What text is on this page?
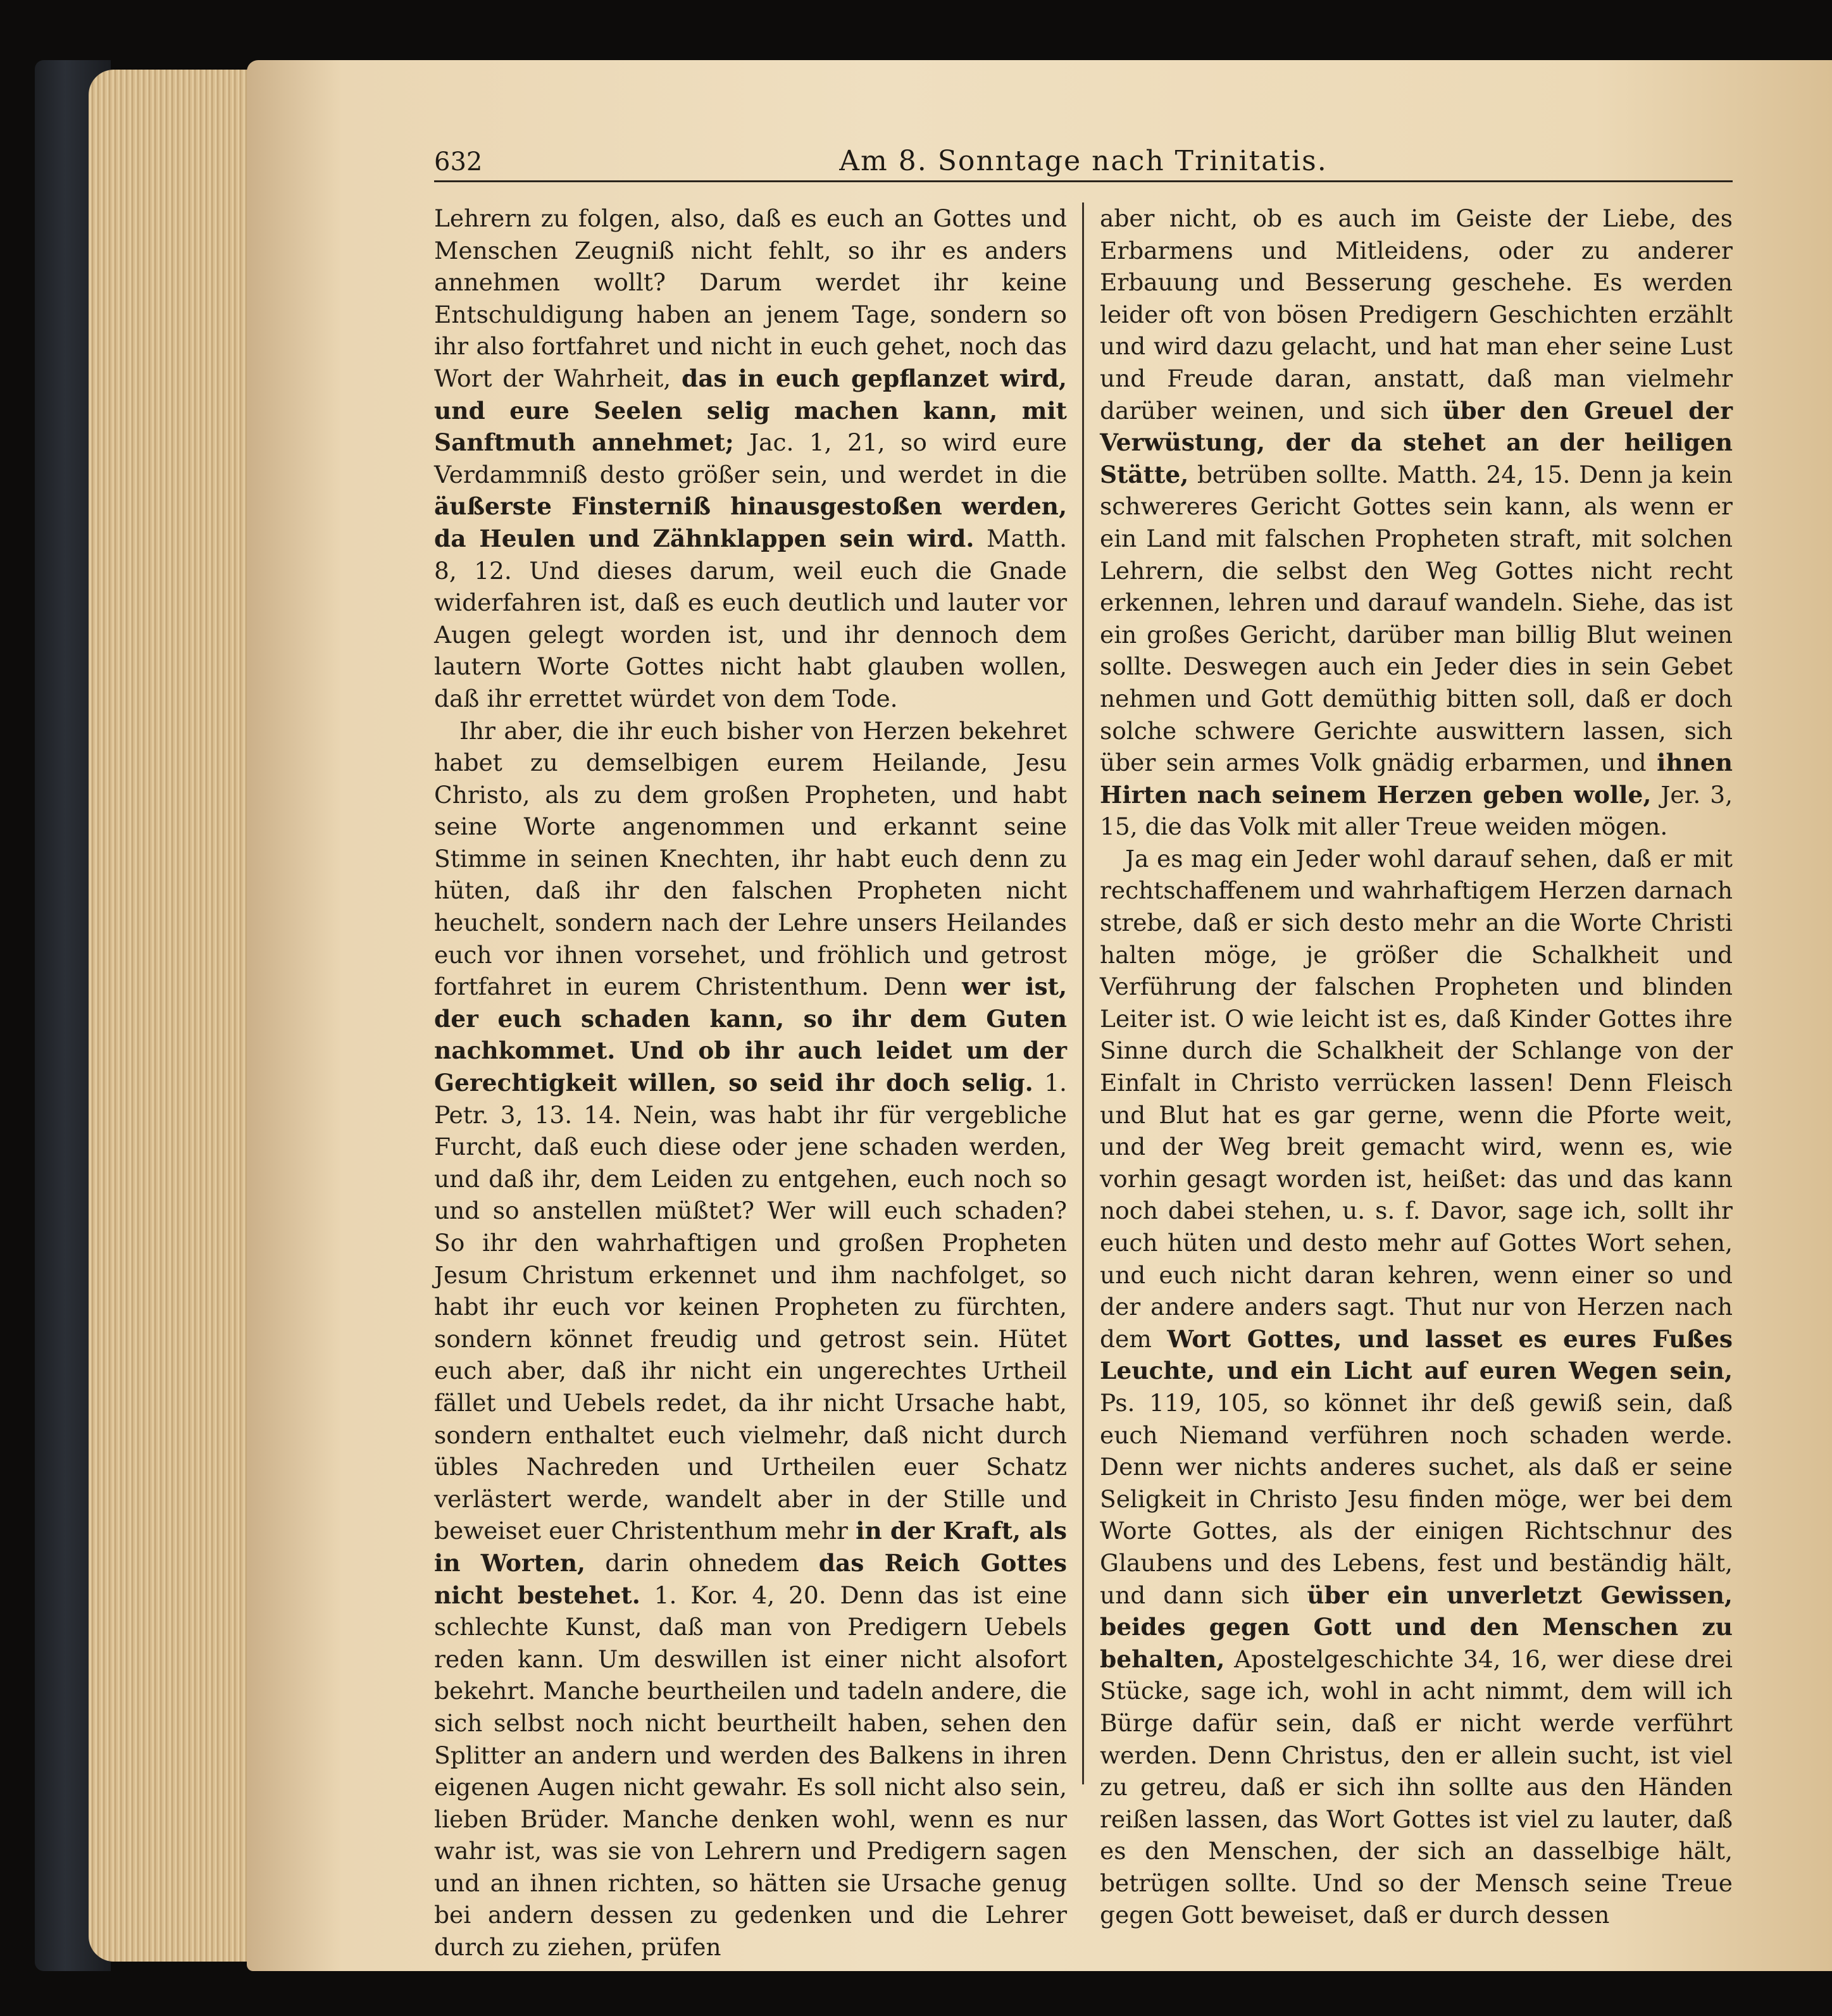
632	Am 8. Sonntage nach Trinitatis.

Lehrern zu folgen, also, daß es euch an Gottes und Menschen Zeugniß nicht fehlt, so ihr es anders annehmen wollt? Darum werdet ihr keine Entschuldigung haben an jenem Tage, sondern so ihr also fortfahret und nicht in euch gehet, noch das Wort der Wahrheit, das in euch gepflanzet wird, und eure Seelen selig machen kann, mit Sanftmuth annehmet; Jac. 1, 21, so wird eure Verdammniß desto größer sein, und werdet in die äußerste Finsterniß hinausgestoßen werden, da Heulen und Zähnklappen sein wird. Matth. 8, 12. Und dieses darum, weil euch die Gnade widerfahren ist, daß es euch deutlich und lauter vor Augen gelegt worden ist, und ihr dennoch dem lautern Worte Gottes nicht habt glauben wollen, daß ihr errettet würdet von dem Tode.

Ihr aber, die ihr euch bisher von Herzen bekehret habet zu demselbigen eurem Heilande, Jesu Christo, als zu dem großen Propheten, und habt seine Worte angenommen und erkannt seine Stimme in seinen Knechten, ihr habt euch denn zu hüten, daß ihr den falschen Propheten nicht heuchelt, sondern nach der Lehre unsers Heilandes euch vor ihnen vorsehet, und fröhlich und getrost fortfahret in eurem Christenthum. Denn wer ist, der euch schaden kann, so ihr dem Guten nachkommet. Und ob ihr auch leidet um der Gerechtigkeit willen, so seid ihr doch selig. 1. Petr. 3, 13. 14. Nein, was habt ihr für vergebliche Furcht, daß euch diese oder jene schaden werden, und daß ihr, dem Leiden zu entgehen, euch noch so und so anstellen müßtet? Wer will euch schaden? So ihr den wahrhaftigen und großen Propheten Jesum Christum erkennet und ihm nachfolget, so habt ihr euch vor keinen Propheten zu fürchten, sondern könnet freudig und getrost sein. Hütet euch aber, daß ihr nicht ein ungerechtes Urtheil fället und Uebels redet, da ihr nicht Ursache habt, sondern enthaltet euch vielmehr, daß nicht durch übles Nachreden und Urtheilen euer Schatz verlästert werde, wandelt aber in der Stille und beweiset euer Christenthum mehr in der Kraft, als in Worten, darin ohnedem das Reich Gottes nicht bestehet. 1. Kor. 4, 20. Denn das ist eine schlechte Kunst, daß man von Predigern Uebels reden kann. Um deswillen ist einer nicht alsofort bekehrt. Manche beurtheilen und tadeln andere, die sich selbst noch nicht beurtheilt haben, sehen den Splitter an andern und werden des Balkens in ihren eigenen Augen nicht gewahr. Es soll nicht also sein, lieben Brüder. Manche denken wohl, wenn es nur wahr ist, was sie von Lehrern und Predigern sagen und an ihnen richten, so hätten sie Ursache genug bei andern dessen zu gedenken und die Lehrer durch zu ziehen, prüfen

aber nicht, ob es auch im Geiste der Liebe, des Erbarmens und Mitleidens, oder zu anderer Erbauung und Besserung geschehe. Es werden leider oft von bösen Predigern Geschichten erzählt und wird dazu gelacht, und hat man eher seine Lust und Freude daran, anstatt, daß man vielmehr darüber weinen, und sich über den Greuel der Verwüstung, der da stehet an der heiligen Stätte, betrüben sollte. Matth. 24, 15. Denn ja kein schwereres Gericht Gottes sein kann, als wenn er ein Land mit falschen Propheten straft, mit solchen Lehrern, die selbst den Weg Gottes nicht recht erkennen, lehren und darauf wandeln. Siehe, das ist ein großes Gericht, darüber man billig Blut weinen sollte. Deswegen auch ein Jeder dies in sein Gebet nehmen und Gott demüthig bitten soll, daß er doch solche schwere Gerichte auswittern lassen, sich über sein armes Volk gnädig erbarmen, und ihnen Hirten nach seinem Herzen geben wolle, Jer. 3, 15, die das Volk mit aller Treue weiden mögen.

Ja es mag ein Jeder wohl darauf sehen, daß er mit rechtschaffenem und wahrhaftigem Herzen darnach strebe, daß er sich desto mehr an die Worte Christi halten möge, je größer die Schalkheit und Verführung der falschen Propheten und blinden Leiter ist. O wie leicht ist es, daß Kinder Gottes ihre Sinne durch die Schalkheit der Schlange von der Einfalt in Christo verrücken lassen! Denn Fleisch und Blut hat es gar gerne, wenn die Pforte weit, und der Weg breit gemacht wird, wenn es, wie vorhin gesagt worden ist, heißet: das und das kann noch dabei stehen, u. s. f. Davor, sage ich, sollt ihr euch hüten und desto mehr auf Gottes Wort sehen, und euch nicht daran kehren, wenn einer so und der andere anders sagt. Thut nur von Herzen nach dem Wort Gottes, und lasset es eures Fußes Leuchte, und ein Licht auf euren Wegen sein, Ps. 119, 105, so könnet ihr deß gewiß sein, daß euch Niemand verführen noch schaden werde. Denn wer nichts anderes suchet, als daß er seine Seligkeit in Christo Jesu finden möge, wer bei dem Worte Gottes, als der einigen Richtschnur des Glaubens und des Lebens, fest und beständig hält, und dann sich über ein unverletzt Gewissen, beides gegen Gott und den Menschen zu behalten, Apostelgeschichte 34, 16, wer diese drei Stücke, sage ich, wohl in acht nimmt, dem will ich Bürge dafür sein, daß er nicht werde verführt werden. Denn Christus, den er allein sucht, ist viel zu getreu, daß er sich ihn sollte aus den Händen reißen lassen, das Wort Gottes ist viel zu lauter, daß es den Menschen, der sich an dasselbige hält, betrügen sollte. Und so der Mensch seine Treue gegen Gott beweiset, daß er durch dessen
